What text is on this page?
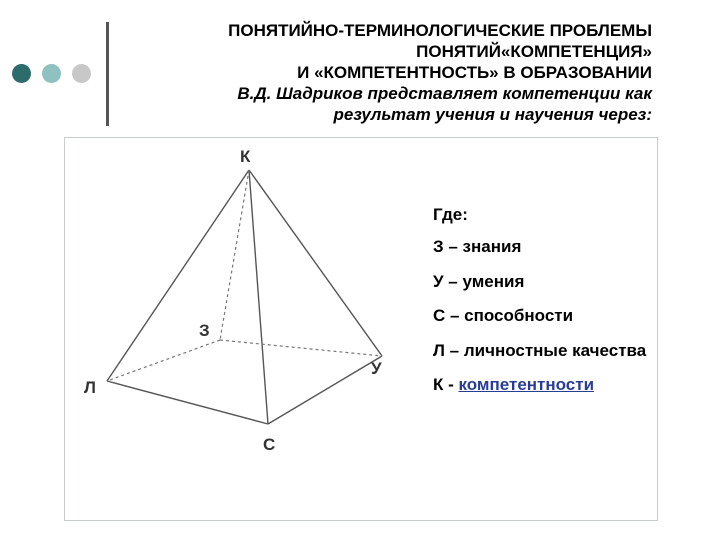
ПОНЯТИЙНО-ТЕРМИНОЛОГИЧЕСКИЕ ПРОБЛЕМЫ
ПОНЯТИЙ«КОМПЕТЕНЦИЯ»
И «КОМПЕТЕНТНОСТЬ» В ОБРАЗОВАНИИ
В.Д. Шадриков представляет компетенции как
результат учения и научения через:
К
З
У
Л
С
Где:
З – знания
У – умения
С – способности
Л – личностные качества
К - компетентности
